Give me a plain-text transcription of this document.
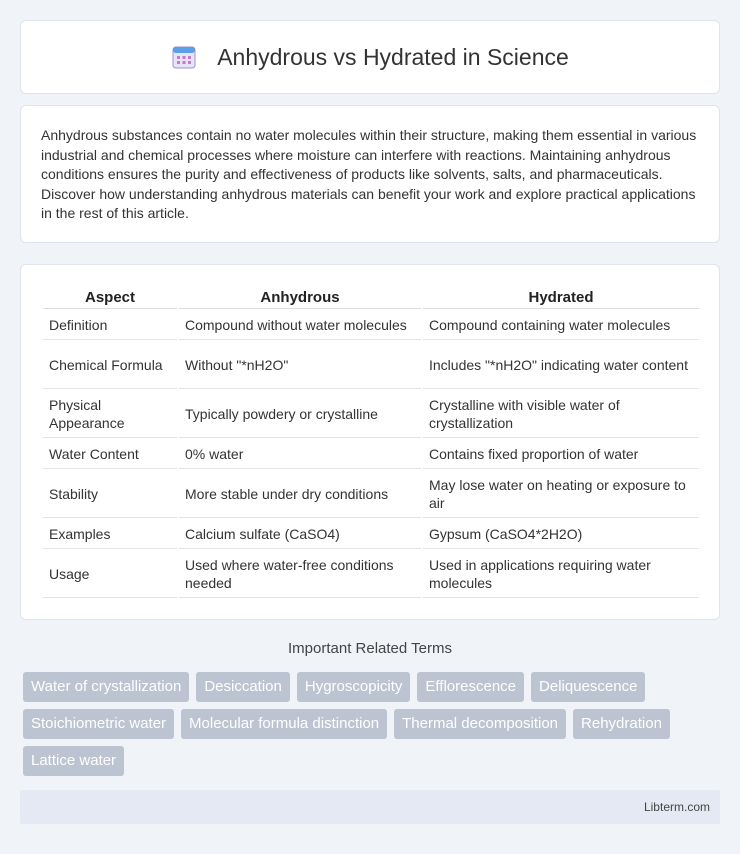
Anhydrous vs Hydrated in Science

Anhydrous substances contain no water molecules within their structure, making them essential in various industrial and chemical processes where moisture can interfere with reactions. Maintaining anhydrous conditions ensures the purity and effectiveness of products like solvents, salts, and pharmaceuticals. Discover how understanding anhydrous materials can benefit your work and explore practical applications in the rest of this article.

Aspect	Anhydrous	Hydrated
Definition	Compound without water molecules	Compound containing water molecules
Chemical Formula	Without "*nH2O"	Includes "*nH2O" indicating water content
Physical Appearance	Typically powdery or crystalline	Crystalline with visible water of crystallization
Water Content	0% water	Contains fixed proportion of water
Stability	More stable under dry conditions	May lose water on heating or exposure to air
Examples	Calcium sulfate (CaSO4)	Gypsum (CaSO4*2H2O)
Usage	Used where water-free conditions needed	Used in applications requiring water molecules
Important Related Terms
Water of crystallization	Desiccation	Hygroscopicity	Efflorescence	Deliquescence
Stoichiometric water	Molecular formula distinction	Thermal decomposition	Rehydration
Lattice water
Libterm.com
